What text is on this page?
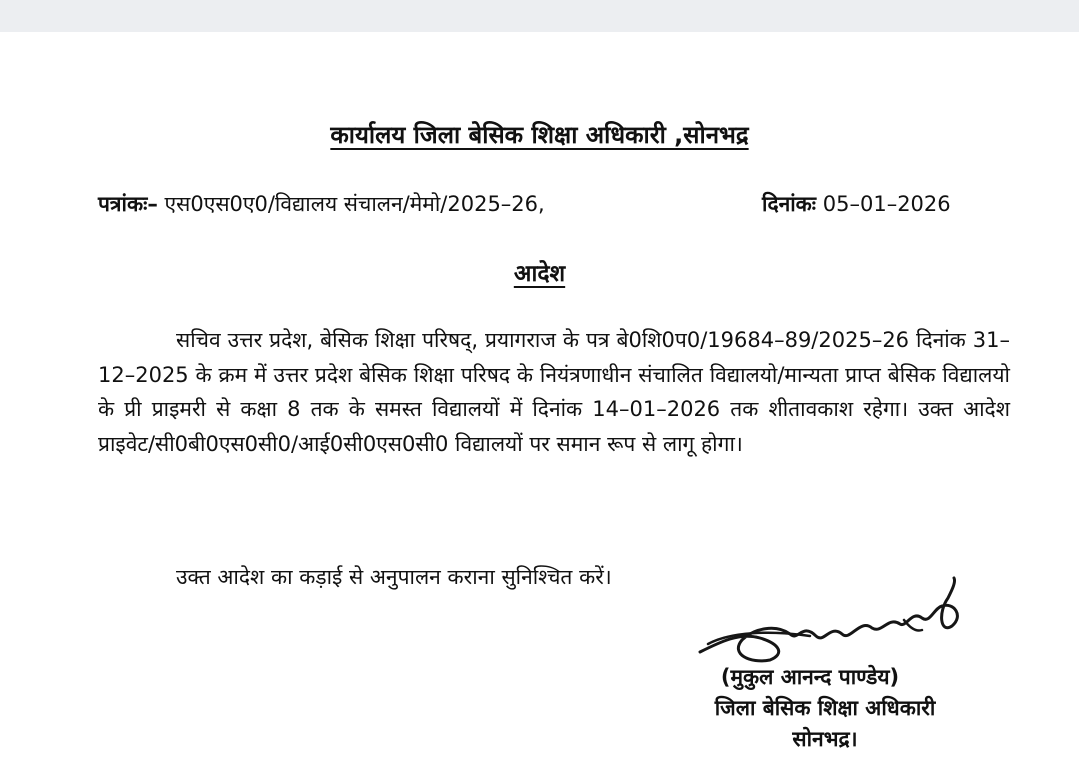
कार्यालय जिला बेसिक शिक्षा अधिकारी ,सोनभद्र
पत्रांकः– एस0एस0ए0/विद्यालय संचालन/मेमो/2025–26,	दिनांकः 05–01–2026
आदेश

सचिव उत्तर प्रदेश, बेसिक शिक्षा परिषद्, प्रयागराज के पत्र बे0शि0प0/19684–89/2025–26 दिनांक 31–12–2025 के क्रम में उत्तर प्रदेश बेसिक शिक्षा परिषद के नियंत्रणाधीन संचालित विद्यालयो/मान्यता प्राप्त बेसिक विद्यालयो के प्री प्राइमरी से कक्षा 8 तक के समस्त विद्यालयों में दिनांक 14–01–2026 तक शीतावकाश रहेगा। उक्त आदेश प्राइवेट/सी0बी0एस0सी0/आई0सी0एस0सी0 विद्यालयों पर समान रूप से लागू होगा।

उक्त आदेश का कड़ाई से अनुपालन कराना सुनिश्चित करें।

(मुकुल आनन्द पाण्डेय)
जिला बेसिक शिक्षा अधिकारी
सोनभद्र।
